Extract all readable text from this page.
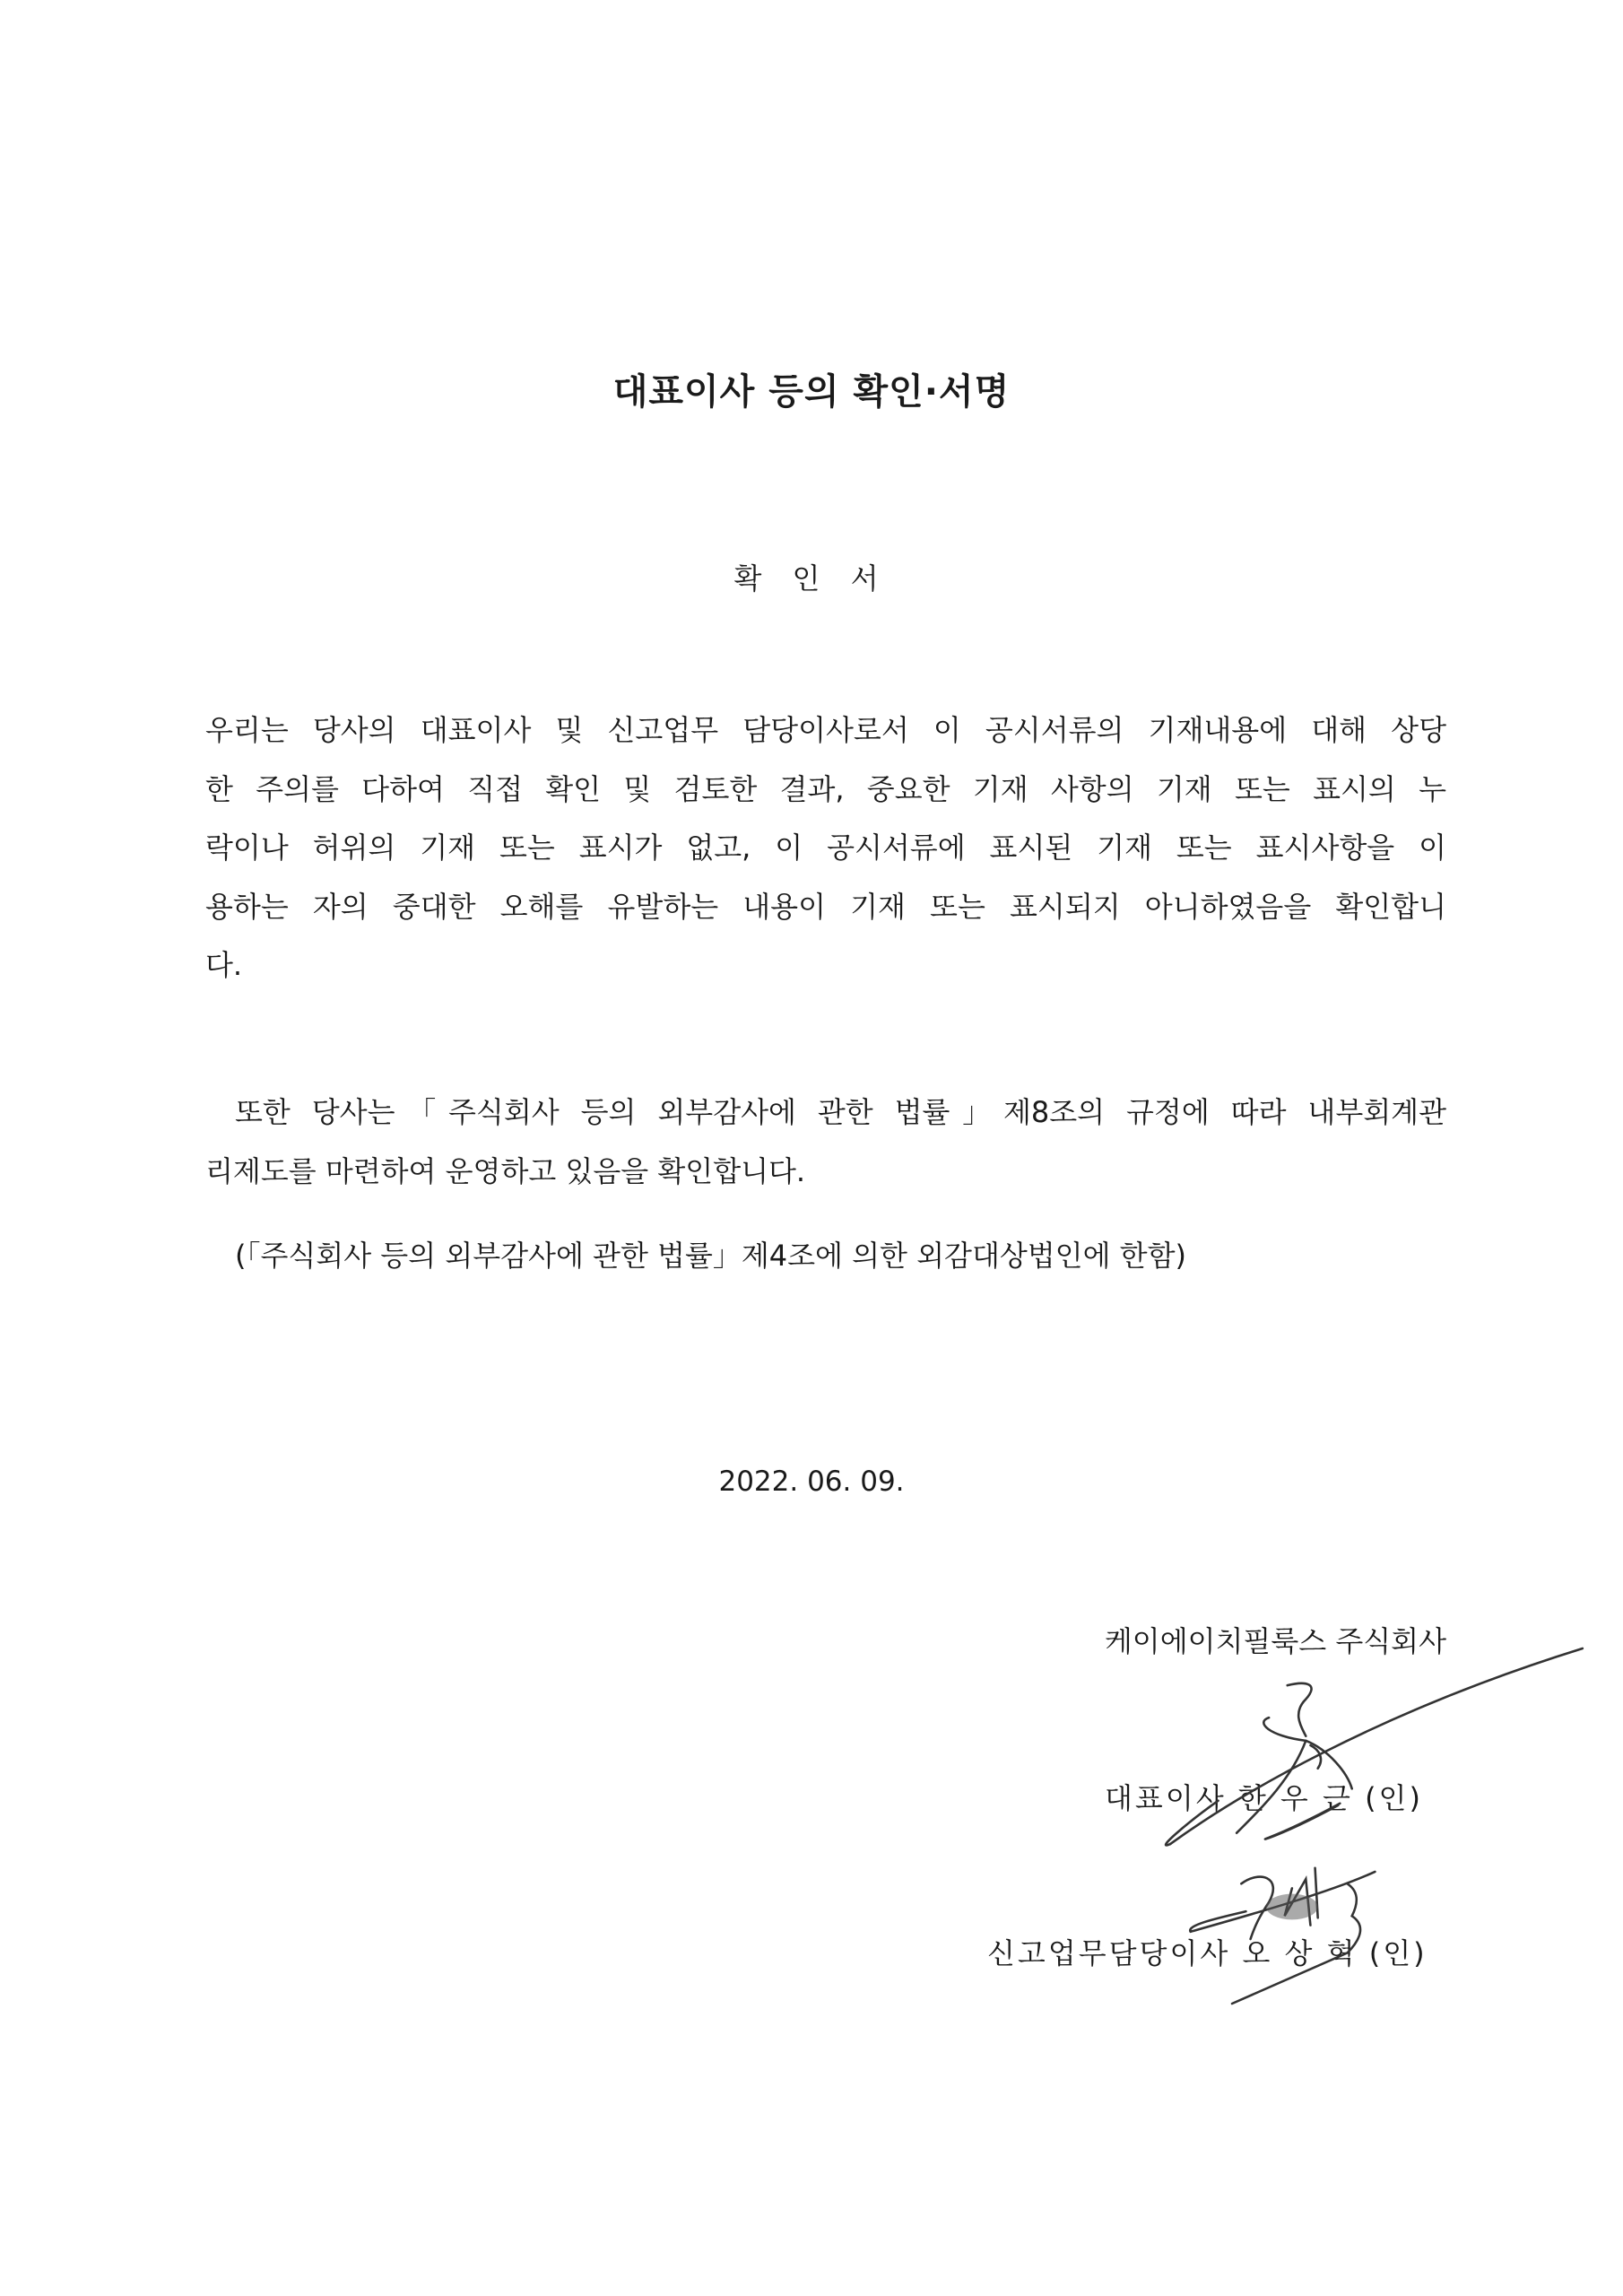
대표이사 등의 확인·서명
확 인 서
우리는 당사의 대표이사 및 신고업무 담당이사로서 이 공시서류의 기재내용에 대해 상당
한 주의를 다하여 직접 확인 및 검토한 결과, 중요한 기재 사항의 기재 또는 표시의 누
락이나 허위의 기재 또는 표시가 없고, 이 공시서류에 표시된 기재 또는 표시사항을 이
용하는 자의 중대한 오해를 유발하는 내용이 기재 또는 표시되지 아니하였음을 확인합니
다.
또한 당사는「주식회사 등의 외부감사에 관한 법률」제8조의 규정에 따라 내부회계관
리제도를 마련하여 운영하고 있음을 확인합니다.
(「주식회사 등의 외부감사에 관한 법률」제4조에 의한 외감대상법인에 한함)
2022. 06. 09.
케이에이치필룩스 주식회사
대표이사 한 우 근 (인)
신고업무담당이사 오 상 혁 (인)
